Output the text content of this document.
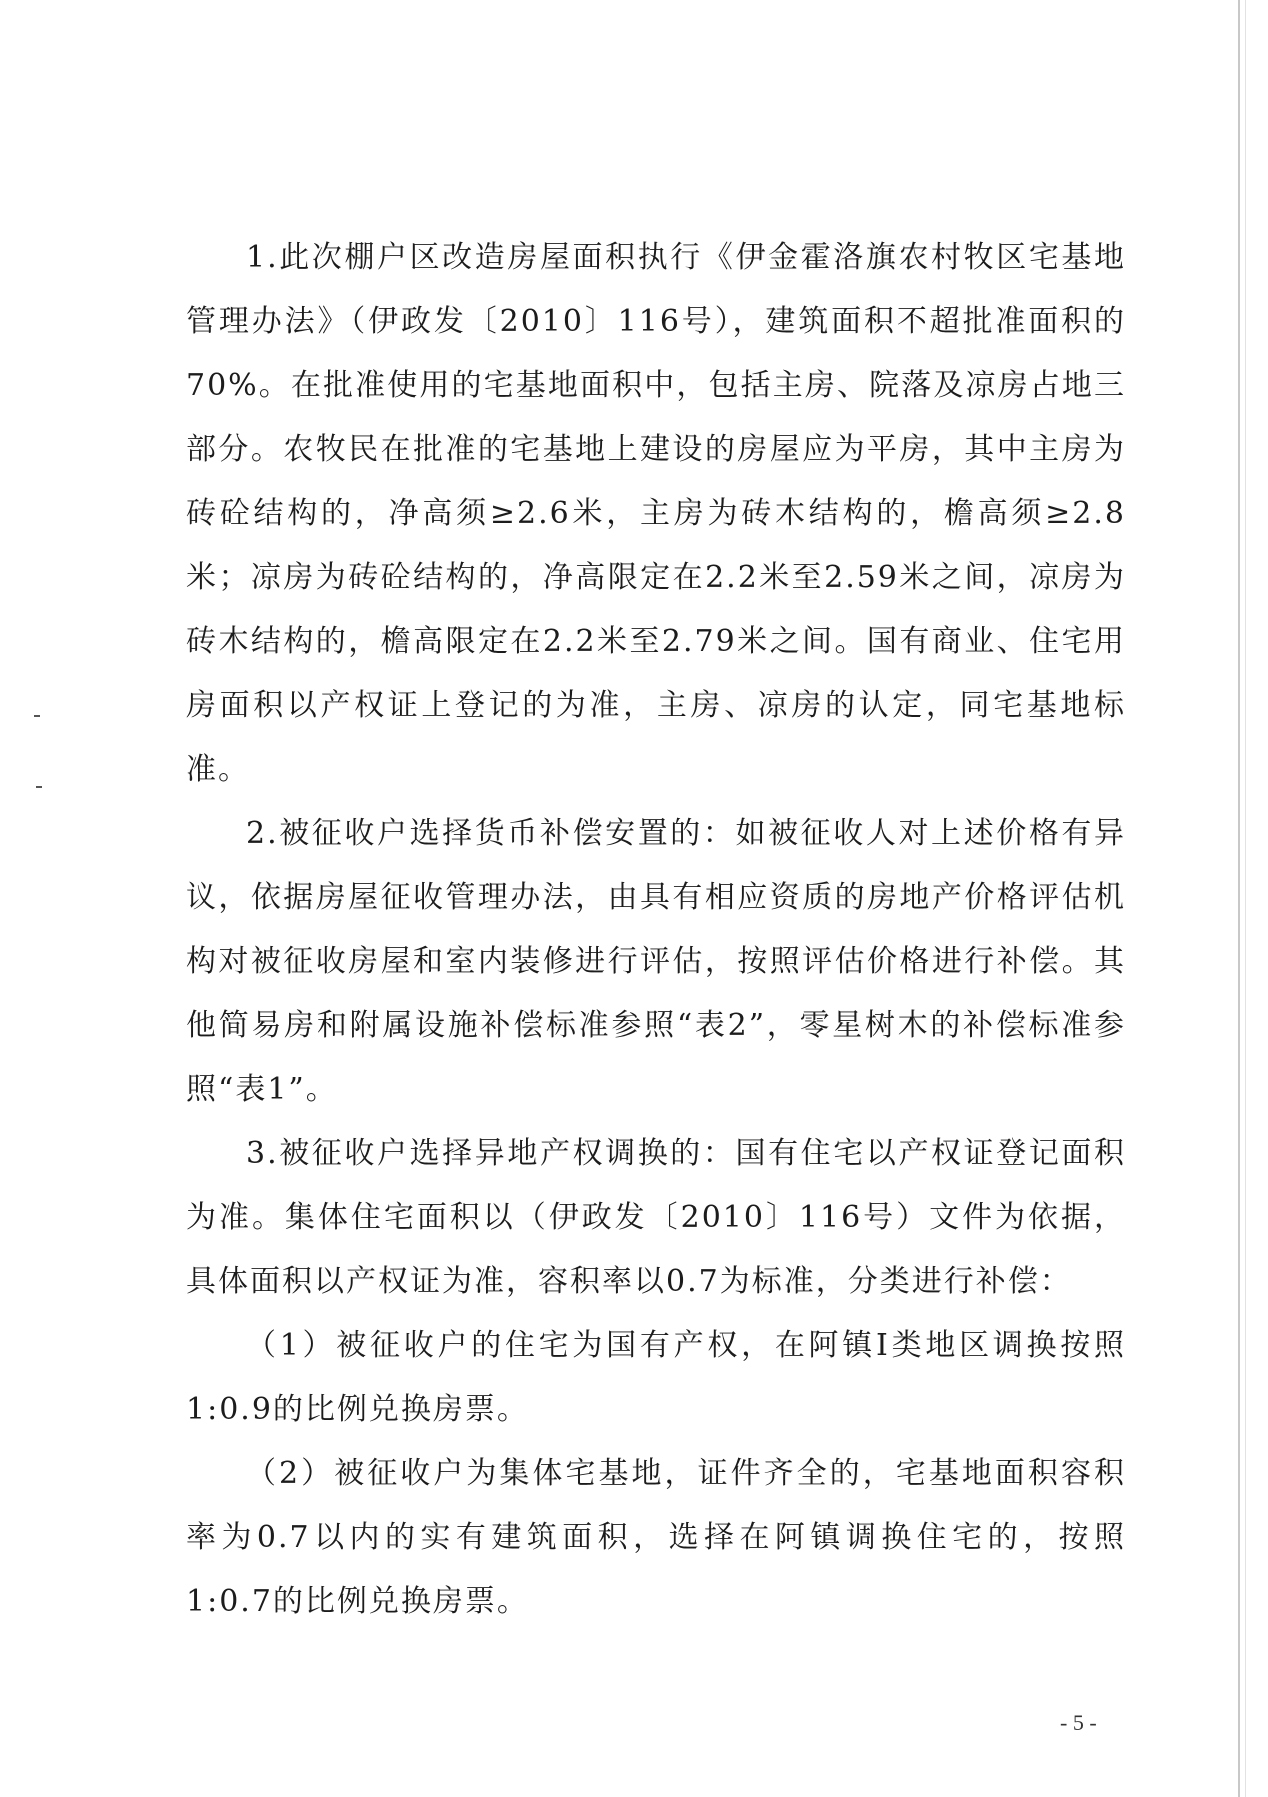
1.此次棚户区改造房屋面积执行《伊金霍洛旗农村牧区宅基地管理办法》（伊政发〔2010〕116号），建筑面积不超批准面积的70%。在批准使用的宅基地面积中，包括主房、院落及凉房占地三部分。农牧民在批准的宅基地上建设的房屋应为平房，其中主房为砖砼结构的，净高须≥2.6米，主房为砖木结构的，檐高须≥2.8米；凉房为砖砼结构的，净高限定在2.2米至2.59米之间，凉房为砖木结构的，檐高限定在2.2米至2.79米之间。国有商业、住宅用房面积以产权证上登记的为准，主房、凉房的认定，同宅基地标准。

2.被征收户选择货币补偿安置的：如被征收人对上述价格有异议，依据房屋征收管理办法，由具有相应资质的房地产价格评估机构对被征收房屋和室内装修进行评估，按照评估价格进行补偿。其他简易房和附属设施补偿标准参照“表2”，零星树木的补偿标准参照“表1”。

3.被征收户选择异地产权调换的：国有住宅以产权证登记面积为准。集体住宅面积以（伊政发〔2010〕116号）文件为依据，具体面积以产权证为准，容积率以0.7为标准，分类进行补偿：

（1）被征收户的住宅为国有产权，在阿镇Ⅰ类地区调换按照1:0.9的比例兑换房票。

（2）被征收户为集体宅基地，证件齐全的，宅基地面积容积率为0.7以内的实有建筑面积，选择在阿镇调换住宅的，按照1:0.7的比例兑换房票。

- 5 -
